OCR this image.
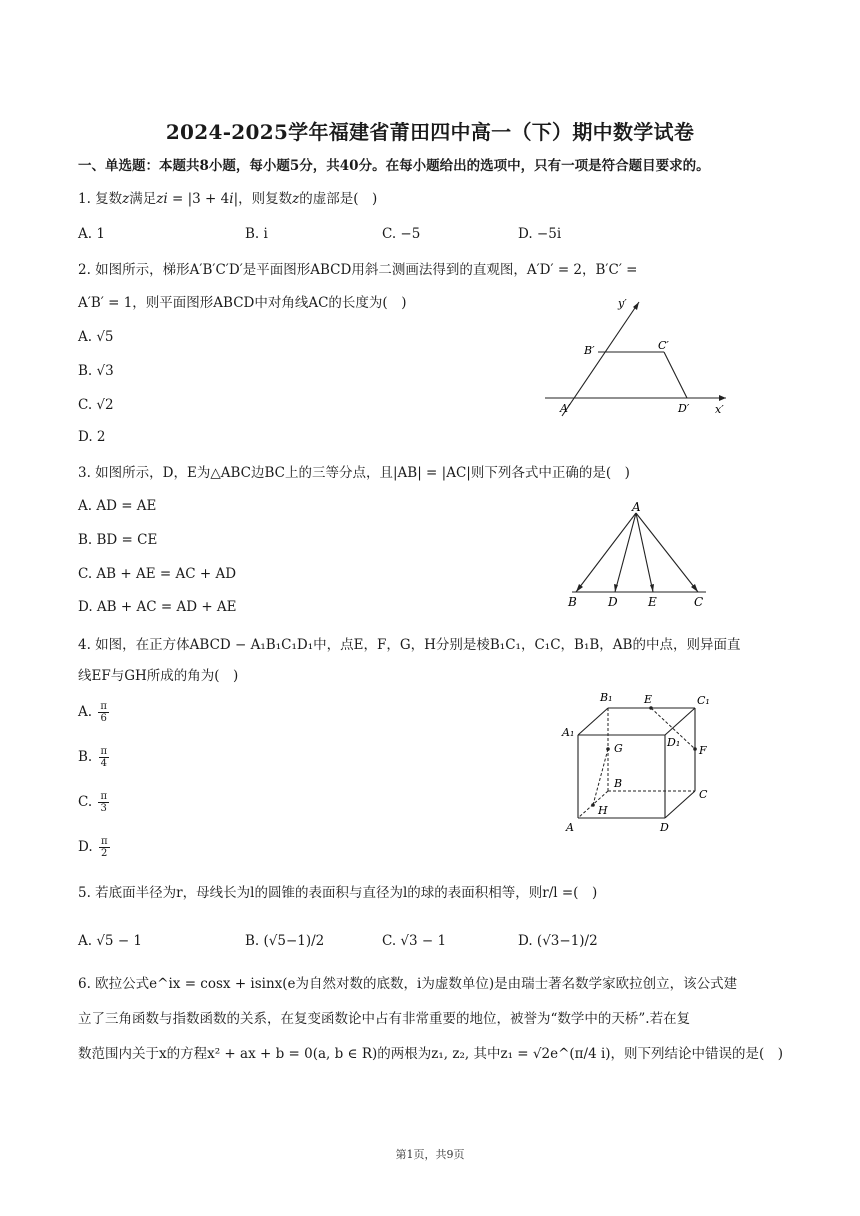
2024-2025学年福建省莆田四中高一（下）期中数学试卷
一、单选题：本题共8小题，每小题5分，共40分。在每小题给出的选项中，只有一项是符合题目要求的。
1. 复数z满足zi = |3 + 4i|，则复数z的虚部是(　)
A. 1	B. i	C. −5	D. −5i
2. 如图所示，梯形A′B′C′D′是平面图形ABCD用斜二测画法得到的直观图，A′D′ = 2，B′C′ =
A′B′ = 1，则平面图形ABCD中对角线AC的长度为(　)
A. √5
B. √3
C. √2
D. 2
y′
x′
A′
B′	C′
D′
3. 如图所示，D，E为△ABC边BC上的三等分点，且|AB| = |AC|则下列各式中正确的是(　)
A. AD = AE
B. BD = CE
C. AB + AE = AC + AD
D. AB + AC = AD + AE
A
B	D	E	C
4. 如图，在正方体ABCD − A₁B₁C₁D₁中，点E，F，G，H分别是棱B₁C₁，C₁C，B₁B，AB的中点，则异面直
线EF与GH所成的角为(　)
A. $\frac{\pi}{6}$
B. $\frac{\pi}{4}$
C. $\frac{\pi}{3}$
D. $\frac{\pi}{2}$
B₁	E	C₁
A₁
D₁
G	F
B
C
H
A	D
5. 若底面半径为r，母线长为l的圆锥的表面积与直径为l的球的表面积相等，则r/l =(　)
A. √5 − 1	B. (√5−1)/2	C. √3 − 1	D. (√3−1)/2
6. 欧拉公式e^ix = cosx + isinx(e为自然对数的底数，i为虚数单位)是由瑞士著名数学家欧拉创立，该公式建
立了三角函数与指数函数的关系，在复变函数论中占有非常重要的地位，被誉为“数学中的天桥”.若在复
数范围内关于x的方程x² + ax + b = 0(a, b ∈ R)的两根为z₁, z₂, 其中z₁ = √2e^(π/4 i)，则下列结论中错误的是(　)
第1页，共9页
